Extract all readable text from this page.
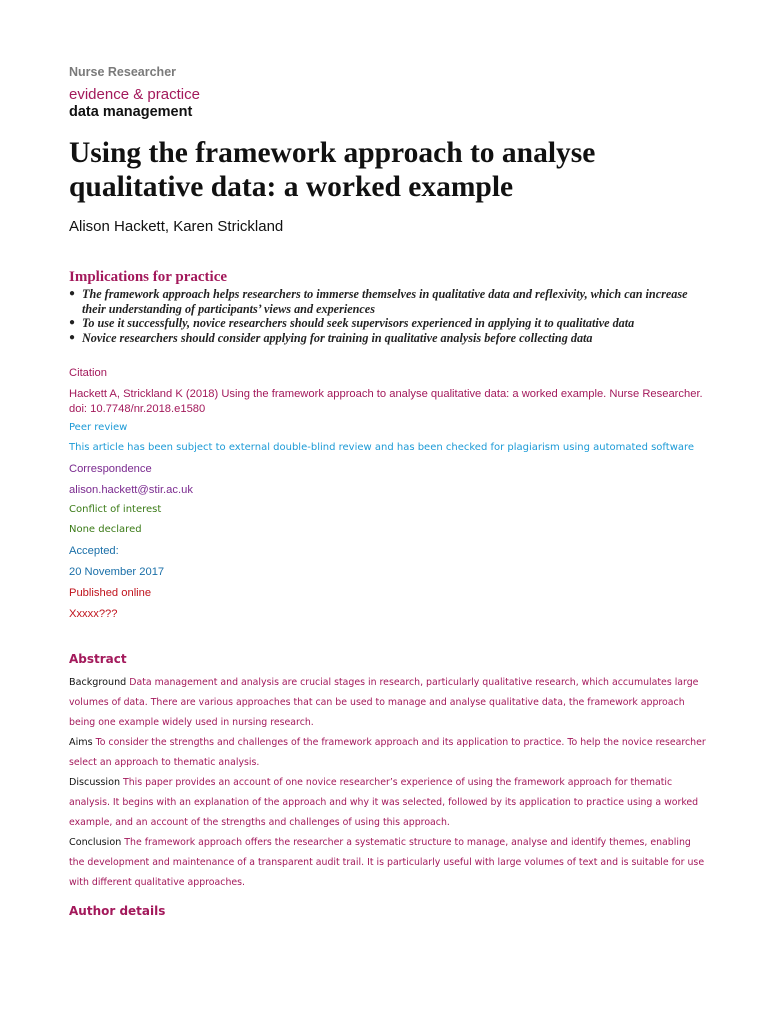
Nurse Researcher
evidence & practice
data management
Using the framework approach to analyse qualitative data: a worked example
Alison Hackett, Karen Strickland
Implications for practice
● The framework approach helps researchers to immerse themselves in qualitative data and reflexivity, which can increase their understanding of participants’ views and experiences
● To use it successfully, novice researchers should seek supervisors experienced in applying it to qualitative data
● Novice researchers should consider applying for training in qualitative analysis before collecting data
Citation
Hackett A, Strickland K (2018) Using the framework approach to analyse qualitative data: a worked example. Nurse Researcher. doi: 10.7748/nr.2018.e1580
Peer review
This article has been subject to external double-blind review and has been checked for plagiarism using automated software
Correspondence
alison.hackett@stir.ac.uk
Conflict of interest
None declared
Accepted:
20 November 2017
Published online
Xxxxx???
Abstract

Background Data management and analysis are crucial stages in research, particularly qualitative research, which accumulates large volumes of data. There are various approaches that can be used to manage and analyse qualitative data, the framework approach being one example widely used in nursing research.

Aims To consider the strengths and challenges of the framework approach and its application to practice. To help the novice researcher select an approach to thematic analysis.

Discussion This paper provides an account of one novice researcher’s experience of using the framework approach for thematic analysis. It begins with an explanation of the approach and why it was selected, followed by its application to practice using a worked example, and an account of the strengths and challenges of using this approach.

Conclusion The framework approach offers the researcher a systematic structure to manage, analyse and identify themes, enabling the development and maintenance of a transparent audit trail. It is particularly useful with large volumes of text and is suitable for use with different qualitative approaches.

Author details
